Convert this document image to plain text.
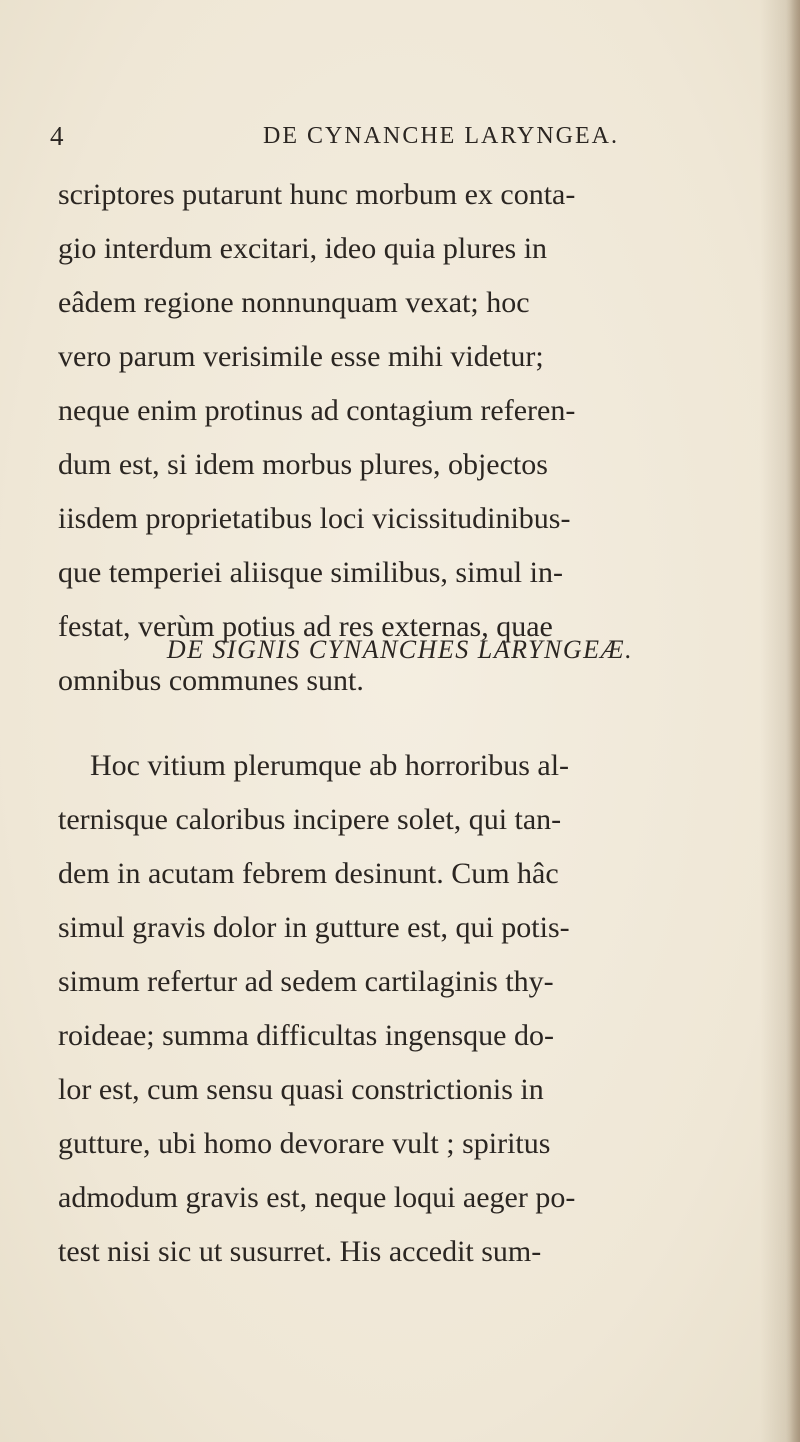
4	DE CYNANCHE LARYNGEA.
scriptores putarunt hunc morbum ex conta-
gio interdum excitari, ideo quia plures in
eâdem regione nonnunquam vexat; hoc
vero parum verisimile esse mihi videtur;
neque enim protinus ad contagium referen-
dum est, si idem morbus plures, objectos
iisdem proprietatibus loci vicissitudinibus-
que temperiei aliisque similibus, simul in-
festat, verùm potius ad res externas, quae
omnibus communes sunt.
DE SIGNIS CYNANCHES LARYNGEÆ.
Hoc vitium plerumque ab horroribus al-
ternisque caloribus incipere solet, qui tan-
dem in acutam febrem desinunt. Cum hâc
simul gravis dolor in gutture est, qui potis-
simum refertur ad sedem cartilaginis thy-
roideae; summa difficultas ingensque do-
lor est, cum sensu quasi constrictionis in
gutture, ubi homo devorare vult ; spiritus
admodum gravis est, neque loqui aeger po-
test nisi sic ut susurret. His accedit sum-
